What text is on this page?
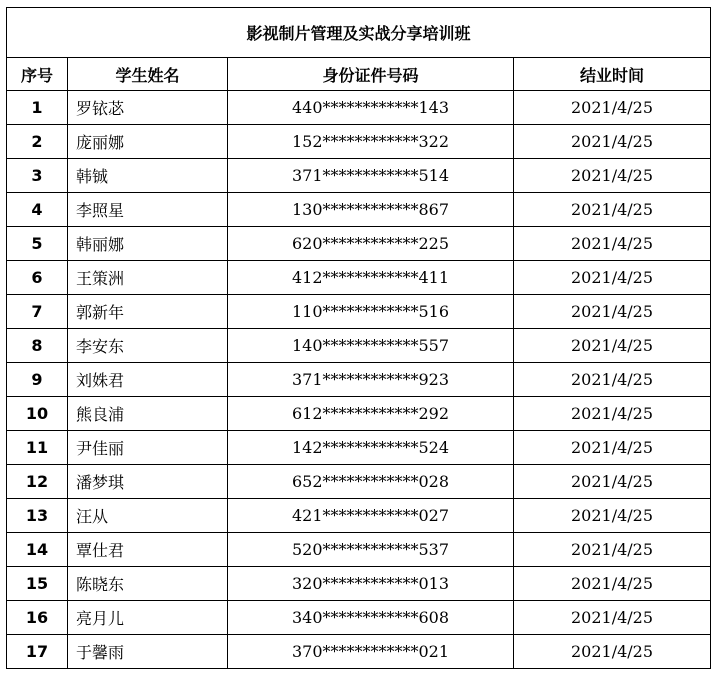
影视制片管理及实战分享培训班			
序号	学生姓名	身份证件号码	结业时间
1	罗铱苾	440************143	2021/4/25
2	庞丽娜	152************322	2021/4/25
3	韩铖	371************514	2021/4/25
4	李照星	130************867	2021/4/25
5	韩丽娜	620************225	2021/4/25
6	王策洲	412************411	2021/4/25
7	郭新年	110************516	2021/4/25
8	李安东	140************557	2021/4/25
9	刘姝君	371************923	2021/4/25
10	熊良浦	612************292	2021/4/25
11	尹佳丽	142************524	2021/4/25
12	潘梦琪	652************028	2021/4/25
13	汪从	421************027	2021/4/25
14	覃仕君	520************537	2021/4/25
15	陈晓东	320************013	2021/4/25
16	亮月儿	340************608	2021/4/25
17	于馨雨	370************021	2021/4/25
